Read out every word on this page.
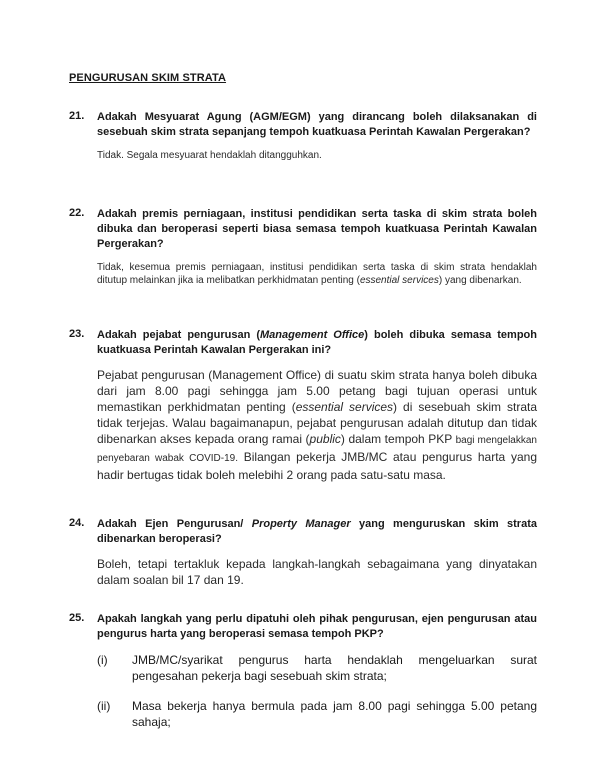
PENGURUSAN SKIM STRATA
21. Adakah Mesyuarat Agung (AGM/EGM) yang dirancang boleh dilaksanakan di sesebuah skim strata sepanjang tempoh kuatkuasa Perintah Kawalan Pergerakan?
Tidak. Segala mesyuarat hendaklah ditangguhkan.
22. Adakah premis perniagaan, institusi pendidikan serta taska di skim strata boleh dibuka dan beroperasi seperti biasa semasa tempoh kuatkuasa Perintah Kawalan Pergerakan?
Tidak, kesemua premis perniagaan, institusi pendidikan serta taska di skim strata hendaklah ditutup melainkan jika ia melibatkan perkhidmatan penting (essential services) yang dibenarkan.
23. Adakah pejabat pengurusan (Management Office) boleh dibuka semasa tempoh kuatkuasa Perintah Kawalan Pergerakan ini?
Pejabat pengurusan (Management Office) di suatu skim strata hanya boleh dibuka dari jam 8.00 pagi sehingga jam 5.00 petang bagi tujuan operasi untuk memastikan perkhidmatan penting (essential services) di sesebuah skim strata tidak terjejas. Walau bagaimanapun, pejabat pengurusan adalah ditutup dan tidak dibenarkan akses kepada orang ramai (public) dalam tempoh PKP bagi mengelakkan penyebaran wabak COVID-19. Bilangan pekerja JMB/MC atau pengurus harta yang hadir bertugas tidak boleh melebihi 2 orang pada satu-satu masa.
24. Adakah Ejen Pengurusan/ Property Manager yang menguruskan skim strata dibenarkan beroperasi?
Boleh, tetapi tertakluk kepada langkah-langkah sebagaimana yang dinyatakan dalam soalan bil 17 dan 19.
25. Apakah langkah yang perlu dipatuhi oleh pihak pengurusan, ejen pengurusan atau pengurus harta yang beroperasi semasa tempoh PKP?
(i) JMB/MC/syarikat pengurus harta hendaklah mengeluarkan surat pengesahan pekerja bagi sesebuah skim strata;
(ii) Masa bekerja hanya bermula pada jam 8.00 pagi sehingga 5.00 petang sahaja;
